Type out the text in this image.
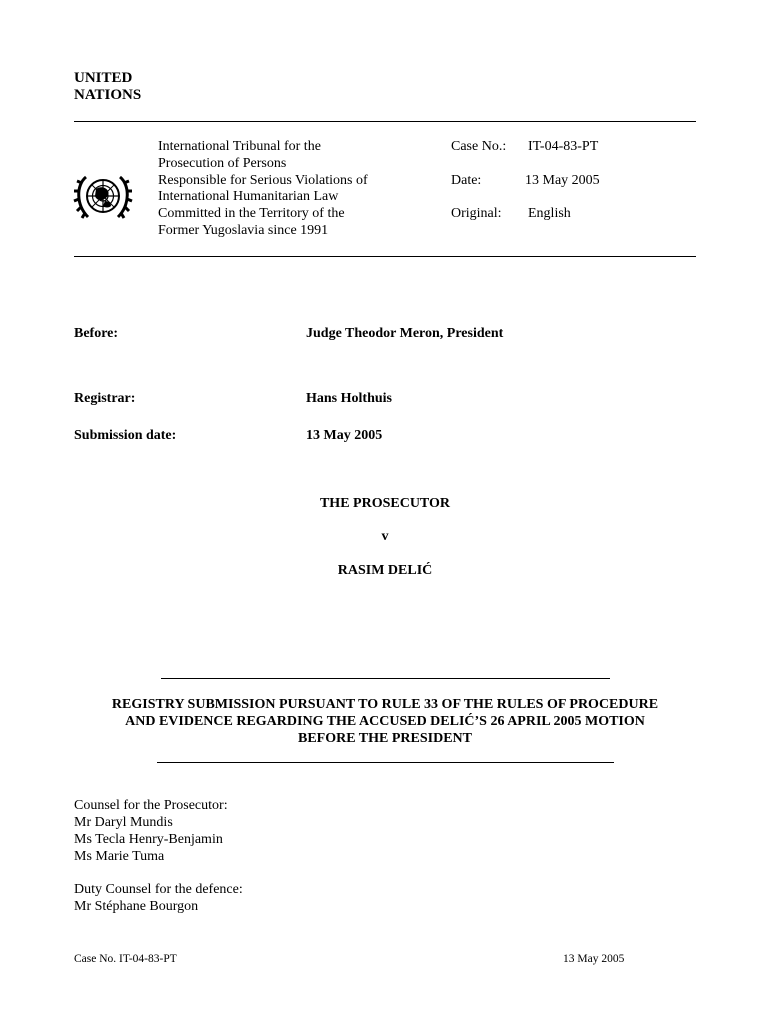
UNITED
NATIONS
International Tribunal for the
Prosecution of Persons
Responsible for Serious Violations of
International Humanitarian Law
Committed in the Territory of the
Former Yugoslavia since 1991
Case No.: IT-04-83-PT
Date:	13 May 2005
Original: English
Before:	Judge Theodor Meron, President
Registrar:	Hans Holthuis
Submission date:	13 May 2005
THE PROSECUTOR
v
RASIM DELIĆ
REGISTRY SUBMISSION PURSUANT TO RULE 33 OF THE RULES OF PROCEDURE
AND EVIDENCE REGARDING THE ACCUSED DELIĆ’S 26 APRIL 2005 MOTION
BEFORE THE PRESIDENT
Counsel for the Prosecutor:
Mr Daryl Mundis
Ms Tecla Henry-Benjamin
Ms Marie Tuma
Duty Counsel for the defence:
Mr Stéphane Bourgon
Case No. IT-04-83-PT	13 May 2005
